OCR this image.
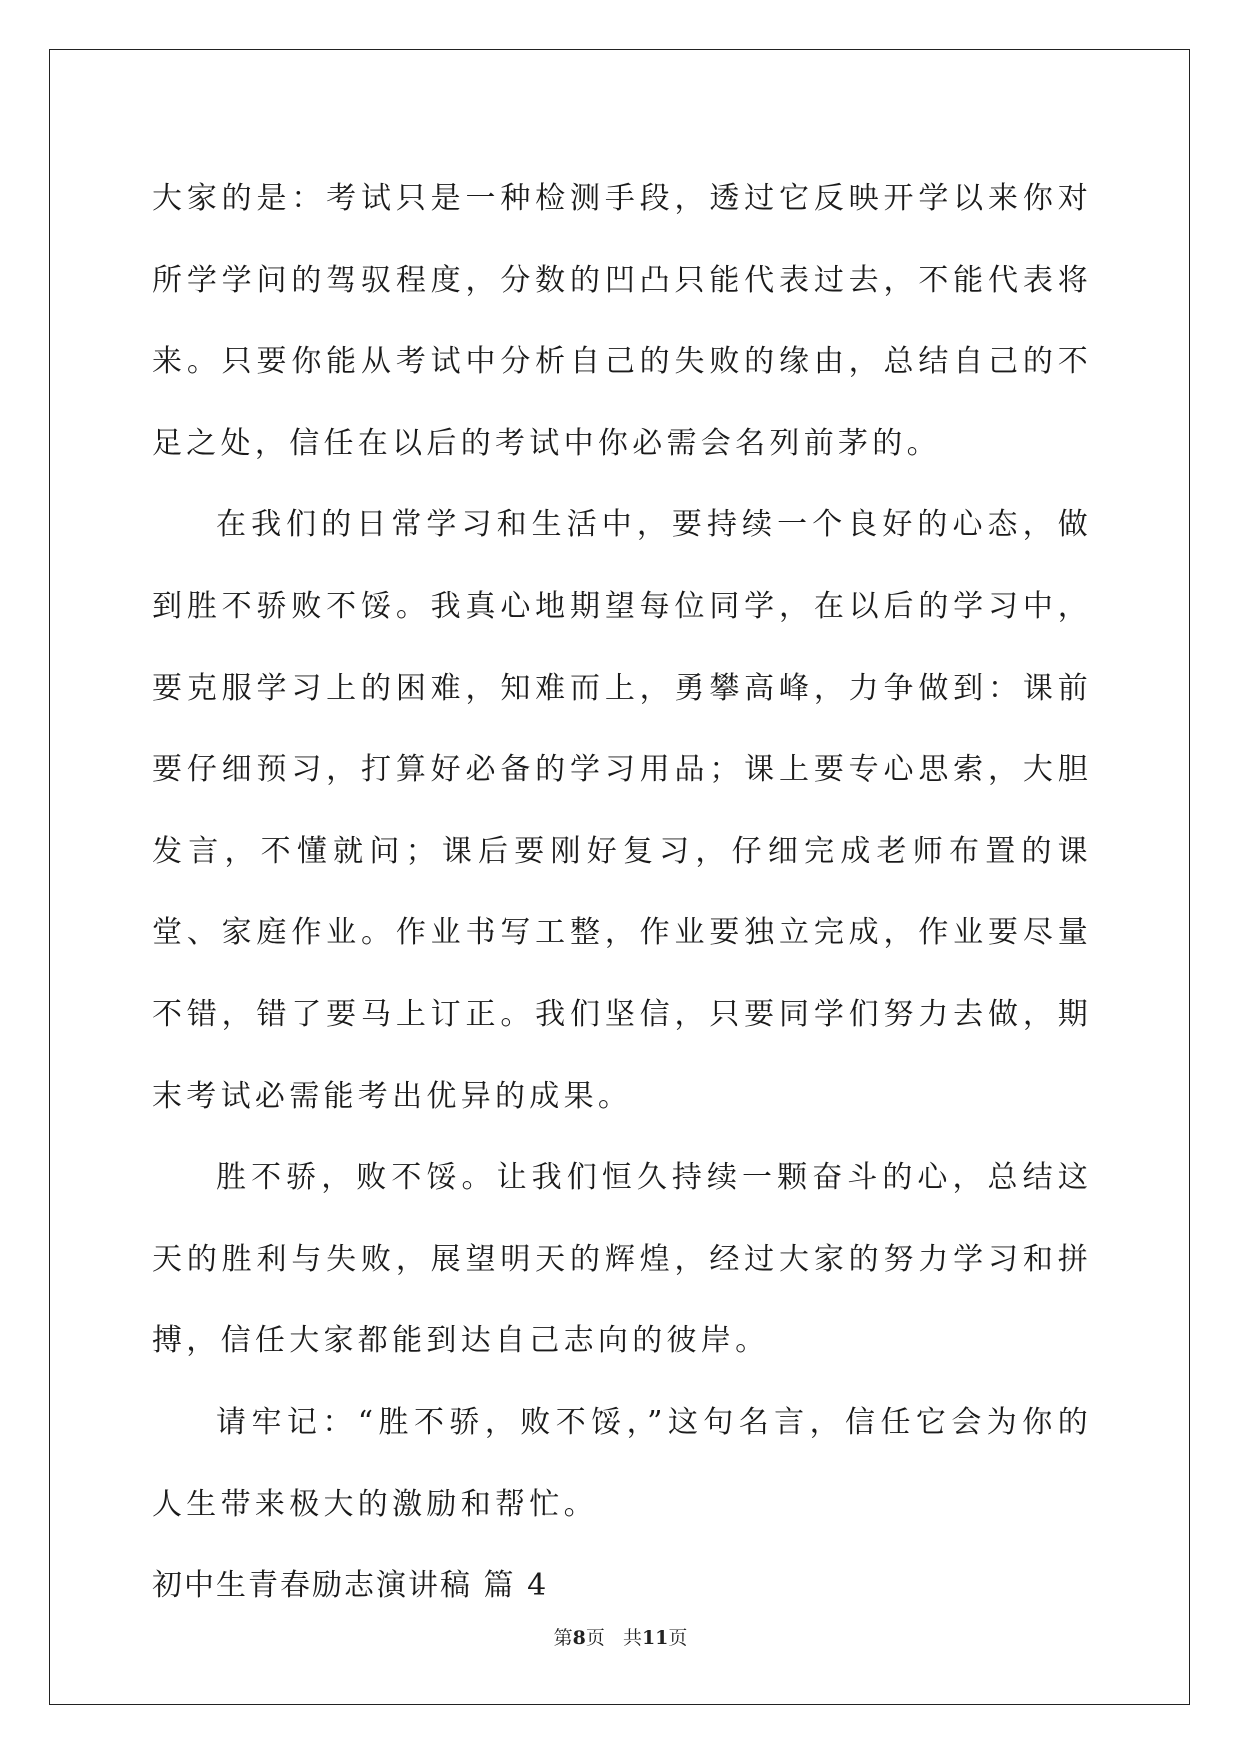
大家的是：考试只是一种检测手段，透过它反映开学以来你对所学学问的驾驭程度，分数的凹凸只能代表过去，不能代表将来。只要你能从考试中分析自己的失败的缘由，总结自己的不足之处，信任在以后的考试中你必需会名列前茅的。

在我们的日常学习和生活中，要持续一个良好的心态，做到胜不骄败不馁。我真心地期望每位同学，在以后的学习中，要克服学习上的困难，知难而上，勇攀高峰，力争做到：课前要仔细预习，打算好必备的学习用品；课上要专心思索，大胆发言，不懂就问；课后要刚好复习，仔细完成老师布置的课堂、家庭作业。作业书写工整，作业要独立完成，作业要尽量不错，错了要马上订正。我们坚信，只要同学们努力去做，期末考试必需能考出优异的成果。

胜不骄，败不馁。让我们恒久持续一颗奋斗的心，总结这天的胜利与失败，展望明天的辉煌，经过大家的努力学习和拼搏，信任大家都能到达自己志向的彼岸。

请牢记：“胜不骄，败不馁，”这句名言，信任它会为你的人生带来极大的激励和帮忙。

初中生青春励志演讲稿 篇 4

第8页   共11页
